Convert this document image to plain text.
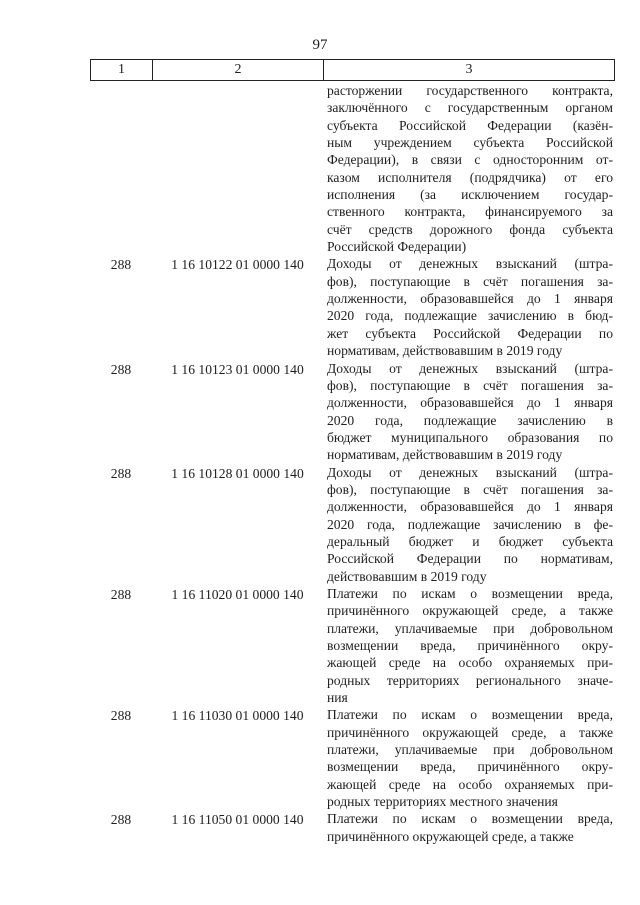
97
1	2	3
расторжении государственного контракта,
заключённого с государственным органом
субъекта Российской Федерации (казён-
ным учреждением субъекта Российской
Федерации), в связи с односторонним от-
казом исполнителя (подрядчика) от его
исполнения (за исключением государ-
ственного контракта, финансируемого за
счёт средств дорожного фонда субъекта
Российской Федерации)
288	1 16 10122 01 0000 140	Доходы от денежных взысканий (штра-
фов), поступающие в счёт погашения за-
долженности, образовавшейся до 1 января
2020 года, подлежащие зачислению в бюд-
жет субъекта Российской Федерации по
нормативам, действовавшим в 2019 году
288	1 16 10123 01 0000 140	Доходы от денежных взысканий (штра-
фов), поступающие в счёт погашения за-
долженности, образовавшейся до 1 января
2020 года, подлежащие зачислению в
бюджет муниципального образования по
нормативам, действовавшим в 2019 году
288	1 16 10128 01 0000 140	Доходы от денежных взысканий (штра-
фов), поступающие в счёт погашения за-
долженности, образовавшейся до 1 января
2020 года, подлежащие зачислению в фе-
деральный бюджет и бюджет субъекта
Российской Федерации по нормативам,
действовавшим в 2019 году
288	1 16 11020 01 0000 140	Платежи по искам о возмещении вреда,
причинённого окружающей среде, а также
платежи, уплачиваемые при добровольном
возмещении вреда, причинённого окру-
жающей среде на особо охраняемых при-
родных территориях регионального значе-
ния
288	1 16 11030 01 0000 140	Платежи по искам о возмещении вреда,
причинённого окружающей среде, а также
платежи, уплачиваемые при добровольном
возмещении вреда, причинённого окру-
жающей среде на особо охраняемых при-
родных территориях местного значения
288	1 16 11050 01 0000 140	Платежи по искам о возмещении вреда,
причинённого окружающей среде, а также
